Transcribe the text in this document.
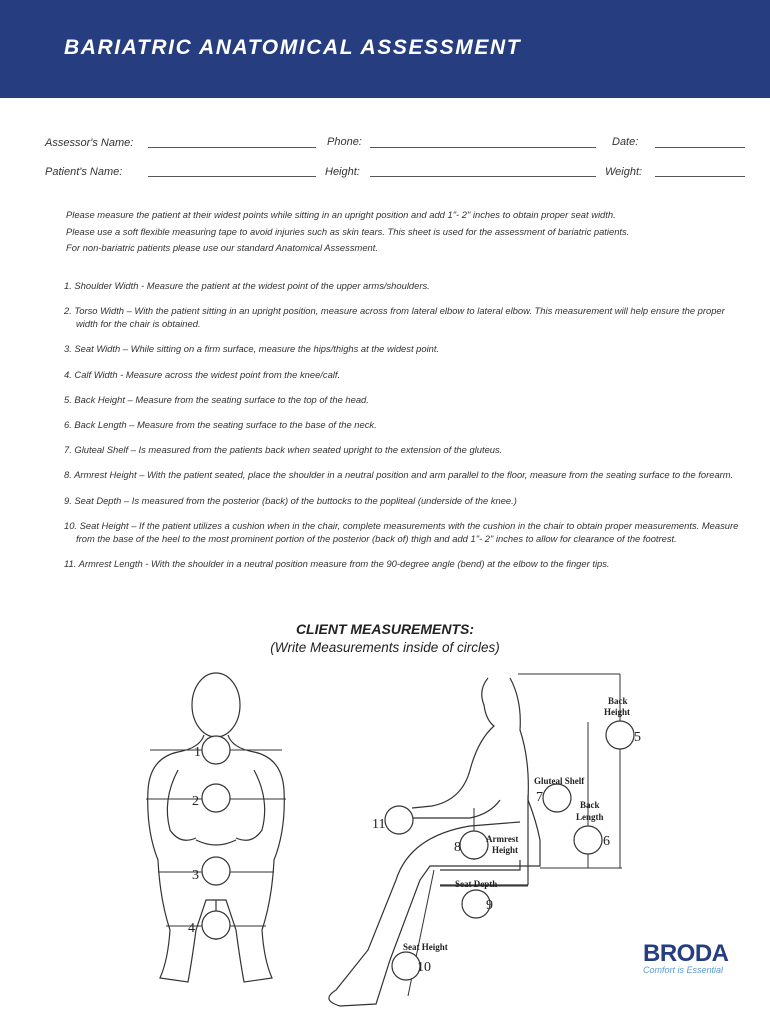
BARIATRIC ANATOMICAL ASSESSMENT
Assessor's Name:	Phone:	Date:
Patient's Name:	Height:	Weight:

Please measure the patient at their widest points while sitting in an upright position and add 1"- 2" inches to obtain proper seat width.

Please use a soft flexible measuring tape to avoid injuries such as skin tears. This sheet is used for the assessment of bariatric patients.

For non-bariatric patients please use our standard Anatomical Assessment.

1. Shoulder Width - Measure the patient at the widest point of the upper arms/shoulders.

2. Torso Width – With the patient sitting in an upright position, measure across from lateral elbow to lateral elbow. This measurement will help ensure the proper width for the chair is obtained.

3. Seat Width – While sitting on a firm surface, measure the hips/thighs at the widest point.

4. Calf Width - Measure across the widest point from the knee/calf.

5. Back Height – Measure from the seating surface to the top of the head.

6. Back Length – Measure from the seating surface to the base of the neck.

7. Gluteal Shelf – Is measured from the patients back when seated upright to the extension of the gluteus.

8. Armrest Height – With the patient seated, place the shoulder in a neutral position and arm parallel to the floor, measure from the seating surface to the forearm.

9. Seat Depth – Is measured from the posterior (back) of the buttocks to the popliteal (underside of the knee.)

10. Seat Height – If the patient utilizes a cushion when in the chair, complete measurements with the cushion in the chair to obtain proper measurements. Measure from the base of the heel to the most prominent portion of the posterior (back of) thigh and add 1"- 2" inches to allow for clearance of the footrest.

11. Armrest Length - With the shoulder in a neutral position measure from the 90-degree angle (bend) at the elbow to the finger tips.

CLIENT MEASUREMENTS:
(Write Measurements inside of circles)
Back
Height
Gluteal Shelf
Back
Length
Armrest
Height
Seat Depth
Seat Height
1
2
3
4
5
6
7
8
9
10
11
BRODA
Comfort is Essential
